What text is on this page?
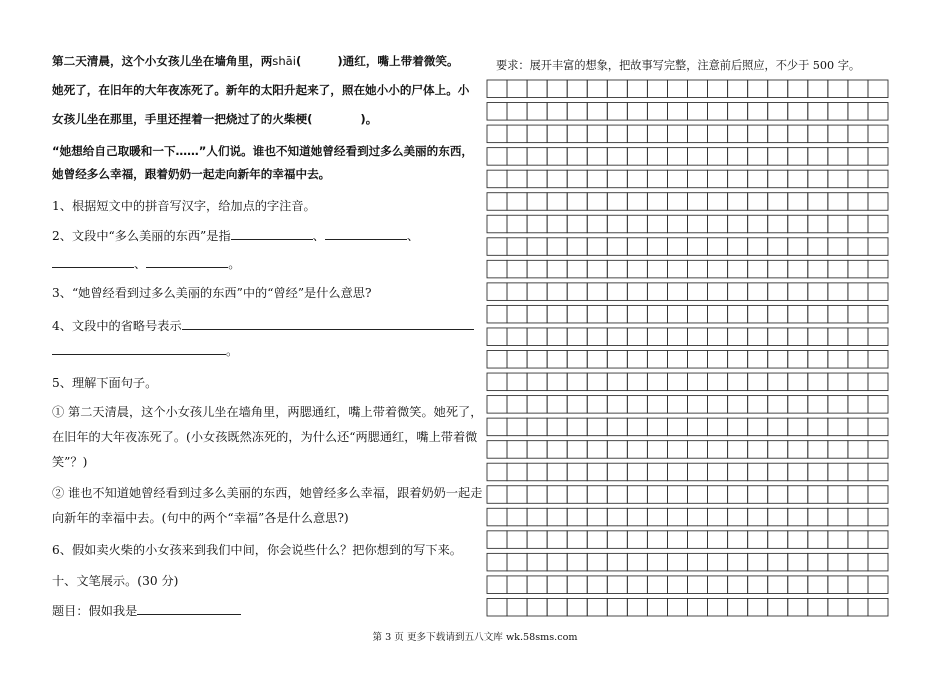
第二天清晨，这个小女孩儿坐在墙角里，两shāi(	)通红，嘴上带着微笑。
她死了，在旧年的大年夜冻死了。新年的太阳升起来了，照在她小小的尸体上。小
女孩儿坐在那里，手里还捏着一把烧过了的火柴梗(	)。
“她想给自己取暖和一下……”人们说。谁也不知道她曾经看到过多么美丽的东西，
她曾经多么幸福，跟着奶奶一起走向新年的幸福中去。
1、根据短文中的拼音写汉字，给加点的字注音。
2、文段中“多么美丽的东西”是指	、	、
、	。
3、“她曾经看到过多么美丽的东西”中的“曾经”是什么意思?
4、文段中的省略号表示
。
5、理解下面句子。
① 第二天清晨，这个小女孩儿坐在墙角里，两腮通红，嘴上带着微笑。她死了，
在旧年的大年夜冻死了。(小女孩既然冻死的，为什么还“两腮通红，嘴上带着微
笑”？)
② 谁也不知道她曾经看到过多么美丽的东西，她曾经多么幸福，跟着奶奶一起走
向新年的幸福中去。(句中的两个“幸福”各是什么意思?)
6、假如卖火柴的小女孩来到我们中间，你会说些什么？把你想到的写下来。
十、文笔展示。(30 分)
题目：假如我是
要求：展开丰富的想象，把故事写完整，注意前后照应，不少于 500 字。
第 3 页 更多下载请到五八文库 wk.58sms.com
